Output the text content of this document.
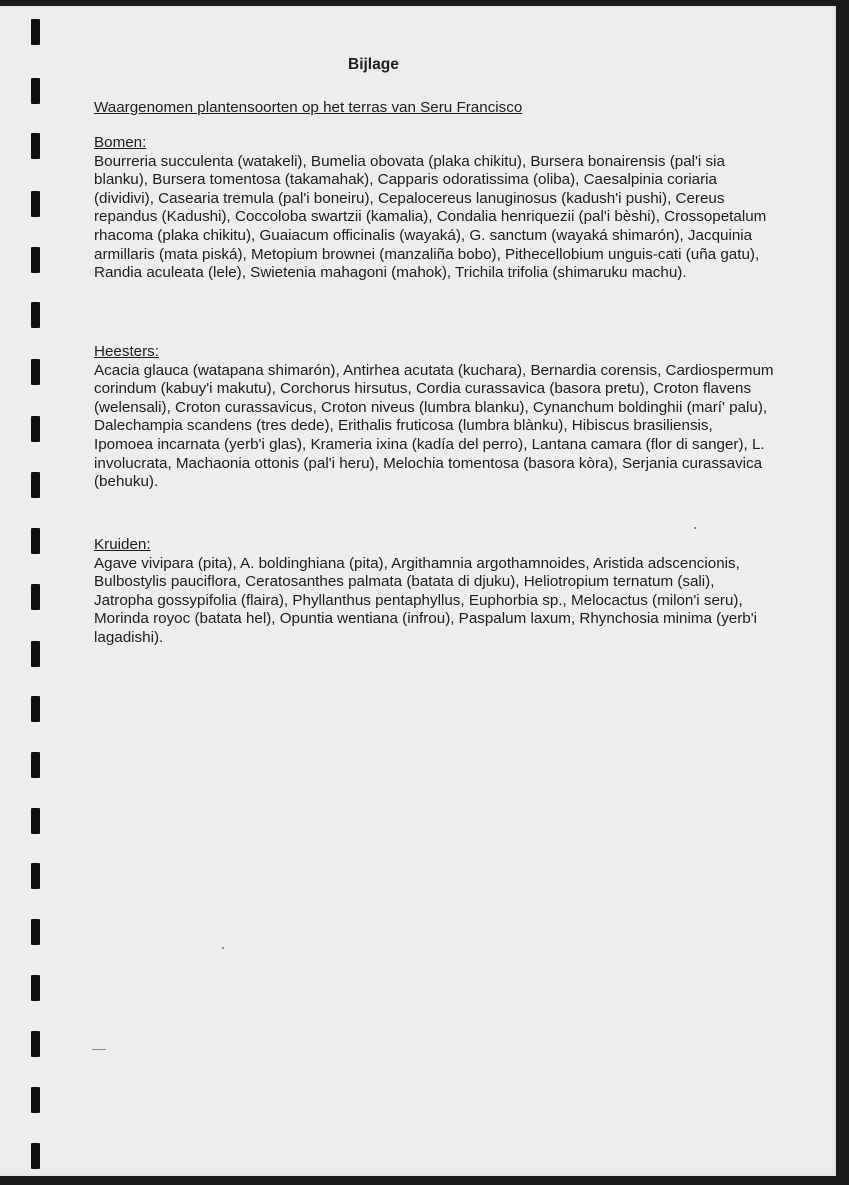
Bijlage

Waargenomen plantensoorten op het terras van Seru Francisco

Bomen:

Bourreria succulenta (watakeli), Bumelia obovata (plaka chikitu), Bursera bonairensis (pal'i sia blanku), Bursera tomentosa (takamahak), Capparis odoratissima (oliba), Caesalpinia coriaria (dividivi), Casearia tremula (pal'i boneiru), Cepalocereus lanuginosus (kadush'i pushi), Cereus repandus (Kadushi), Coccoloba swartzii (kamalia), Condalia henriquezii (pal'i bèshi), Crossopetalum rhacoma (plaka chikitu), Guaiacum officinalis (wayaká), G. sanctum (wayaká shimarón), Jacquinia armillaris (mata piská), Metopium brownei (manzaliña bobo), Pithecellobium unguis-cati (uña gatu), Randia aculeata (lele), Swietenia mahagoni (mahok), Trichila trifolia (shimaruku machu).

Heesters:

Acacia glauca (watapana shimarón), Antirhea acutata (kuchara), Bernardia corensis, Cardiospermum corindum (kabuy'i makutu), Corchorus hirsutus, Cordia curassavica (basora pretu), Croton flavens (welensali), Croton curassavicus, Croton niveus (lumbra blanku), Cynanchum boldinghii (marí' palu), Dalechampia scandens (tres dede), Erithalis fruticosa (lumbra blànku), Hibiscus brasiliensis, Ipomoea incarnata (yerb'i glas), Krameria ixina (kadía del perro), Lantana camara (flor di sanger), L. involucrata, Machaonia ottonis (pal'i heru), Melochia tomentosa (basora kòra), Serjania curassavica (behuku).

Kruiden:

Agave vivipara (pita), A. boldinghiana (pita), Argithamnia argothamnoides, Aristida adscencionis, Bulbostylis pauciflora, Ceratosanthes palmata (batata di djuku), Heliotropium ternatum (sali), Jatropha gossypifolia (flaira), Phyllanthus pentaphyllus, Euphorbia sp., Melocactus (milon'i seru), Morinda royoc (batata hel), Opuntia wentiana (infrou), Paspalum laxum, Rhynchosia minima (yerb'i lagadishi).
